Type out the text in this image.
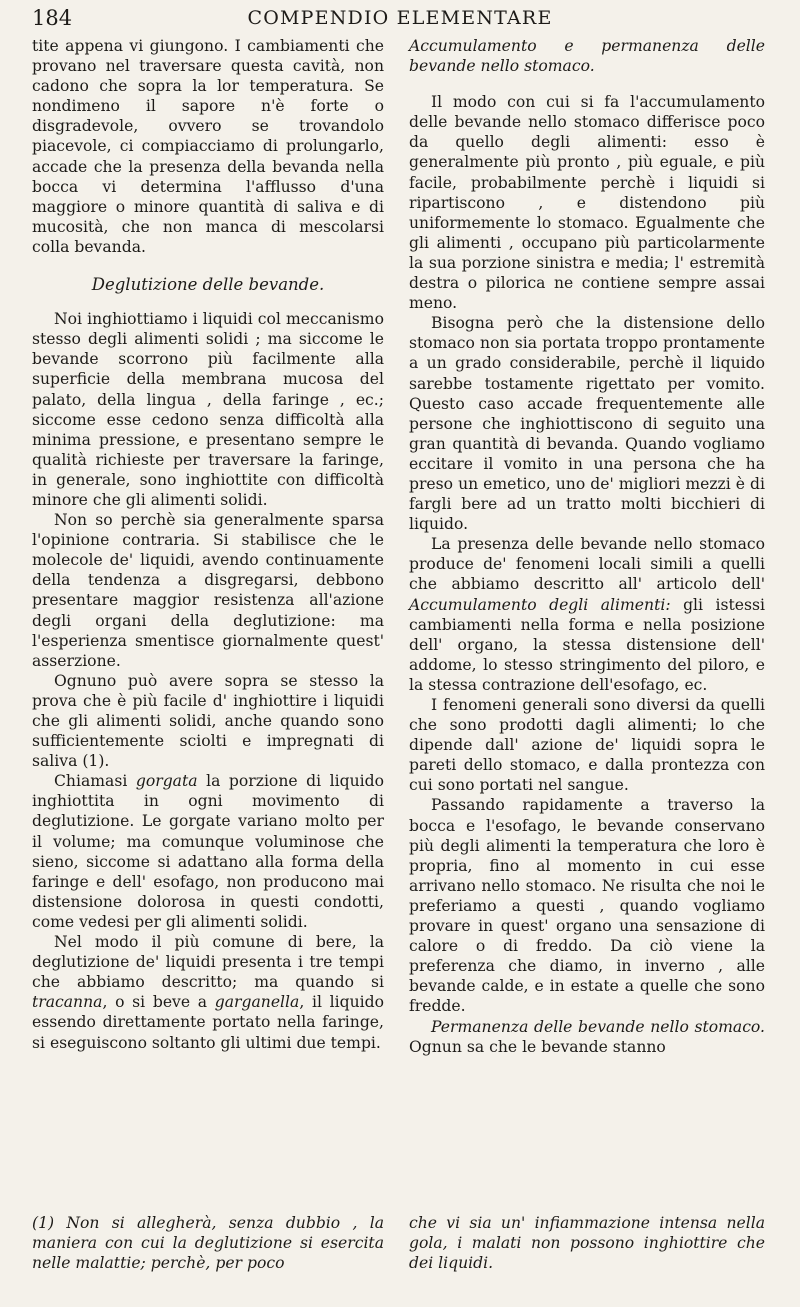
184	COMPENDIO ELEMENTARE

tite appena vi giungono. I cambiamenti che provano nel traversare questa cavità, non cadono che sopra la lor temperatura. Se nondimeno il sapore n'è forte o disgradevole, ovvero se trovandolo piacevole, ci compiacciamo di prolungarlo, accade che la presenza della bevanda nella bocca vi determina l'afflusso d'una maggiore o minore quantità di saliva e di mucosità, che non manca di mescolarsi colla bevanda.

Deglutizione delle bevande.

Noi inghiottiamo i liquidi col meccanismo stesso degli alimenti solidi ; ma siccome le bevande scorrono più facilmente alla superficie della membrana mucosa del palato, della lingua , della faringe , ec.; siccome esse cedono senza difficoltà alla minima pressione, e presentano sempre le qualità richieste per traversare la faringe, in generale, sono inghiottite con difficoltà minore che gli alimenti solidi.

Non so perchè sia generalmente sparsa l'opinione contraria. Si stabilisce che le molecole de' liquidi, avendo continuamente della tendenza a disgregarsi, debbono presentare maggior resistenza all'azione degli organi della deglutizione: ma l'esperienza smentisce giornalmente quest' asserzione.

Ognuno può avere sopra se stesso la prova che è più facile d' inghiottire i liquidi che gli alimenti solidi, anche quando sono sufficientemente sciolti e impregnati di saliva (1).

Chiamasi gorgata la porzione di liquido inghiottita in ogni movimento di deglutizione. Le gorgate variano molto per il volume; ma comunque voluminose che sieno, siccome si adattano alla forma della faringe e dell' esofago, non producono mai distensione dolorosa in questi condotti, come vedesi per gli alimenti solidi.

Nel modo il più comune di bere, la deglutizione de' liquidi presenta i tre tempi che abbiamo descritto; ma quando si tracanna, o si beve a garganella, il liquido essendo direttamente portato nella faringe, si eseguiscono soltanto gli ultimi due tempi.

Accumulamento e permanenza delle bevande nello stomaco.

Il modo con cui si fa l'accumulamento delle bevande nello stomaco differisce poco da quello degli alimenti: esso è generalmente più pronto , più eguale, e più facile, probabilmente perchè i liquidi si ripartiscono , e distendono più uniformemente lo stomaco. Egualmente che gli alimenti , occupano più particolarmente la sua porzione sinistra e media; l' estremità destra o pilorica ne contiene sempre assai meno.

Bisogna però che la distensione dello stomaco non sia portata troppo prontamente a un grado considerabile, perchè il liquido sarebbe tostamente rigettato per vomito. Questo caso accade frequentemente alle persone che inghiottiscono di seguito una gran quantità di bevanda. Quando vogliamo eccitare il vomito in una persona che ha preso un emetico, uno de' migliori mezzi è di fargli bere ad un tratto molti bicchieri di liquido.

La presenza delle bevande nello stomaco produce de' fenomeni locali simili a quelli che abbiamo descritto all' articolo dell' Accumulamento degli alimenti: gli istessi cambiamenti nella forma e nella posizione dell' organo, la stessa distensione dell' addome, lo stesso stringimento del piloro, e la stessa contrazione dell'esofago, ec.

I fenomeni generali sono diversi da quelli che sono prodotti dagli alimenti; lo che dipende dall' azione de' liquidi sopra le pareti dello stomaco, e dalla prontezza con cui sono portati nel sangue.

Passando rapidamente a traverso la bocca e l'esofago, le bevande conservano più degli alimenti la temperatura che loro è propria, fino al momento in cui esse arrivano nello stomaco. Ne risulta che noi le preferiamo a questi , quando vogliamo provare in quest' organo una sensazione di calore o di freddo. Da ciò viene la preferenza che diamo, in inverno , alle bevande calde, e in estate a quelle che sono fredde.

Permanenza delle bevande nello stomaco. Ognun sa che le bevande stanno

(1) Non si allegherà, senza dubbio , la maniera con cui la deglutizione si esercita nelle malattie; perchè, per poco
che vi sia un' infiammazione intensa nella gola, i malati non possono inghiottire che dei liquidi.
